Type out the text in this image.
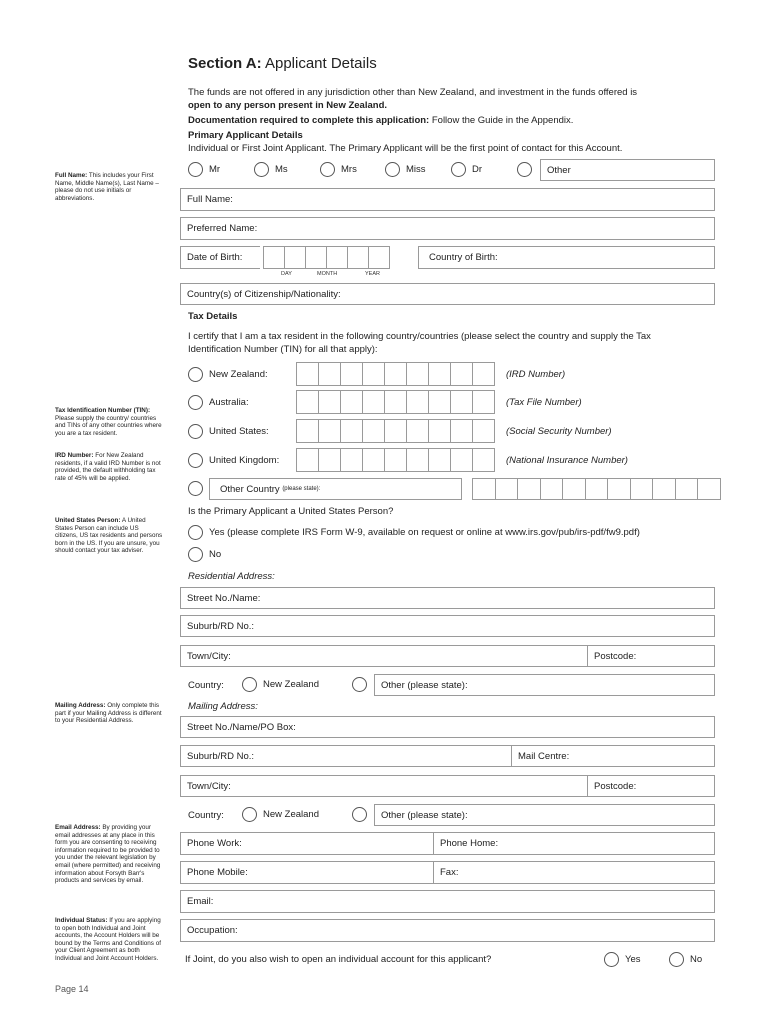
Section A: Applicant Details
The funds are not offered in any jurisdiction other than New Zealand, and investment in the funds offered is
open to any person present in New Zealand.
Documentation required to complete this application: Follow the Guide in the Appendix.
Primary Applicant Details
Individual or First Joint Applicant. The Primary Applicant will be the first point of contact for this Account.
Mr	Ms	Mrs	Miss	Dr	Other
Full Name:
Preferred Name:
Date of Birth:
DAY	MONTH	YEAR
Country of Birth:
Country(s) of Citizenship/Nationality:
Tax Details
I certify that I am a tax resident in the following country/countries (please select the country and supply the Tax
Identification Number (TIN) for all that apply):
New Zealand:	(IRD Number)
Australia:	(Tax File Number)
United States:	(Social Security Number)
United Kingdom:	(National Insurance Number)
Other Country
(please state):
Is the Primary Applicant a United States Person?
Yes (please complete IRS Form W-9, available on request or online at www.irs.gov/pub/irs-pdf/fw9.pdf)
No
Residential Address:
Street No./Name:
Suburb/RD No.:
Town/City:	Postcode:
Country:	New Zealand	Other (please state):
Mailing Address:
Street No./Name/PO Box:
Suburb/RD No.:	Mail Centre:
Town/City:	Postcode:
Country:	New Zealand	Other (please state):
Phone Work:	Phone Home:
Phone Mobile:	Fax:
Email:
Occupation:
If Joint, do you also wish to open an individual account for this applicant?	Yes	No
Full Name: This includes your First Name, Middle Name(s), Last Name – please do not use initials or abbreviations.
Tax Identification Number (TIN): Please supply the country/ countries and TINs of any other countries where you are a tax resident.
IRD Number: For New Zealand residents, if a valid IRD Number is not provided, the default withholding tax rate of 45% will be applied.
United States Person: A United States Person can include US citizens, US tax residents and persons born in the US. If you are unsure, you should contact your tax adviser.
Mailing Address: Only complete this part if your Mailing Address is different to your Residential Address.
Email Address: By providing your email addresses at any place in this form you are consenting to receiving information required to be provided to you under the relevant legislation by email (where permitted) and receiving information about Forsyth Barr's products and services by email.
Individual Status: If you are applying to open both Individual and Joint accounts, the Account Holders will be bound by the Terms and Conditions of your Client Agreement as both Individual and Joint Account Holders.
Page 14
